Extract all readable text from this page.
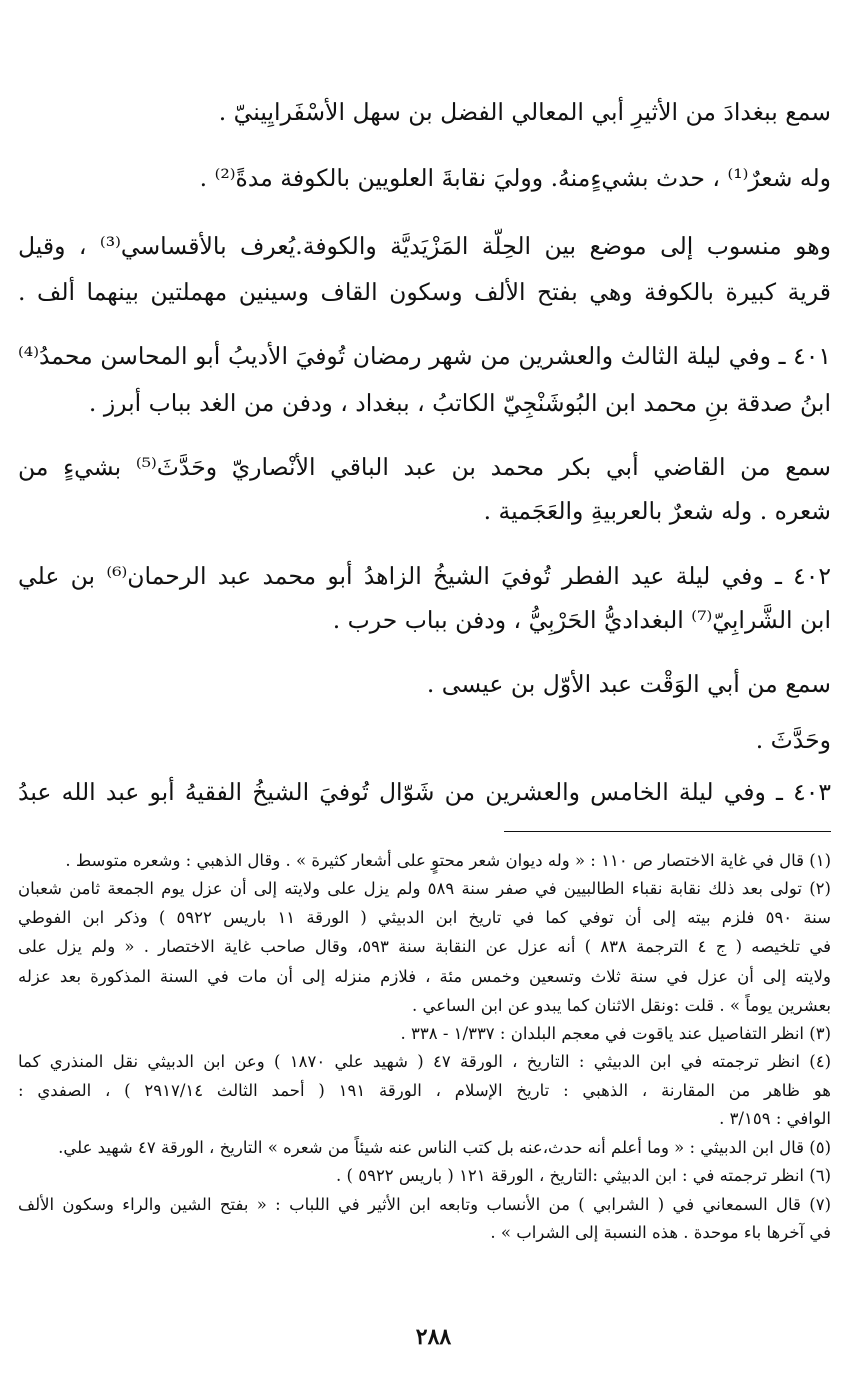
سمع ببغدادَ من الأثيرِ أبي المعالي الفضل بن سهل الأسْفَرايِينيّ .
وله شعرٌ⁽¹⁾ ، حدث بشيءٍمنهُ. ووليَ نقابةَ العلويين بالكوفة مدةً⁽²⁾ .
وهو منسوب إلى موضع بين الحِلّة المَزْيَديَّة والكوفة.يُعرف بالأقساسي⁽³⁾ ، وقيل
قرية كبيرة بالكوفة وهي بفتح الألف وسكون القاف وسينين مهملتين بينهما ألف .
٤٠١ ـ وفي ليلة الثالث والعشرين من شهر رمضان تُوفيَ الأديبُ أبو المحاسن محمدُ⁽⁴⁾
ابنُ صدقة بنِ محمد ابن البُوشَنْجِيّ الكاتبُ ، ببغداد ، ودفن من الغد بباب أبرز .
سمع من القاضي أبي بكر محمد بن عبد الباقي الأنْصاريّ وحَدَّثَ⁽⁵⁾ بشيءٍ من
شعره . وله شعرٌ بالعربيةِ والعَجَمية .
٤٠٢ ـ وفي ليلة عيد الفطر تُوفيَ الشيخُ الزاهدُ أبو محمد عبد الرحمان⁽⁶⁾ بن علي
ابن الشَّرابِيّ⁽⁷⁾ البغداديُّ الحَرْبِيُّ ، ودفن بباب حرب .
سمع من أبي الوَقْت عبد الأوّل بن عيسى .
وحَدَّثَ .
٤٠٣ ـ وفي ليلة الخامس والعشرين من شَوّال تُوفيَ الشيخُ الفقيهُ أبو عبد الله عبدُ
(١) قال في غاية الاختصار ص ١١٠ : « وله ديوان شعر محتوٍ على أشعار كثيرة » . وقال الذهبي : وشعره متوسط .
(٢) تولى بعد ذلك نقابة نقباء الطالبيين في صفر سنة ٥٨٩ ولم يزل على ولايته إلى أن عزل يوم الجمعة ثامن شعبان
سنة ٥٩٠ فلزم بيته إلى أن توفي كما في تاريخ ابن الدبيثي ( الورقة ١١ باريس ٥٩٢٢ ) وذكر ابن الفوطي
في تلخيصه ( ج ٤ الترجمة ٨٣٨ ) أنه عزل عن النقابة سنة ٥٩٣، وقال صاحب غاية الاختصار . « ولم يزل على
ولايته إلى أن عزل في سنة ثلاث وتسعين وخمس مئة ، فلازم منزله إلى أن مات في السنة المذكورة بعد عزله
بعشرين يوماً » . قلت :ونقل الاثنان كما يبدو عن ابن الساعي .
(٣) انظر التفاصيل عند ياقوت في معجم البلدان : ١/٣٣٧ - ٣٣٨ .
(٤) انظر ترجمته في ابن الدبيثي : التاريخ ، الورقة ٤٧ ( شهيد علي ١٨٧٠ ) وعن ابن الدبيثي نقل المنذري كما
هو ظاهر من المقارنة ، الذهبي : تاريخ الإسلام ، الورقة ١٩١ ( أحمد الثالث ٢٩١٧/١٤ ) ، الصفدي :
الوافي : ٣/١٥٩ .
(٥) قال ابن الدبيثي : « وما أعلم أنه حدث،عنه بل كتب الناس عنه شيئاً من شعره » التاريخ ، الورقة ٤٧ شهيد علي.
(٦) انظر ترجمته في : ابن الدبيثي :التاريخ ، الورقة ١٢١ ( باريس ٥٩٢٢ ) .
(٧) قال السمعاني في ( الشرابي ) من الأنساب وتابعه ابن الأثير في اللباب : « بفتح الشين والراء وسكون الألف
في آخرها باء موحدة . هذه النسبة إلى الشراب » .
٢٨٨
